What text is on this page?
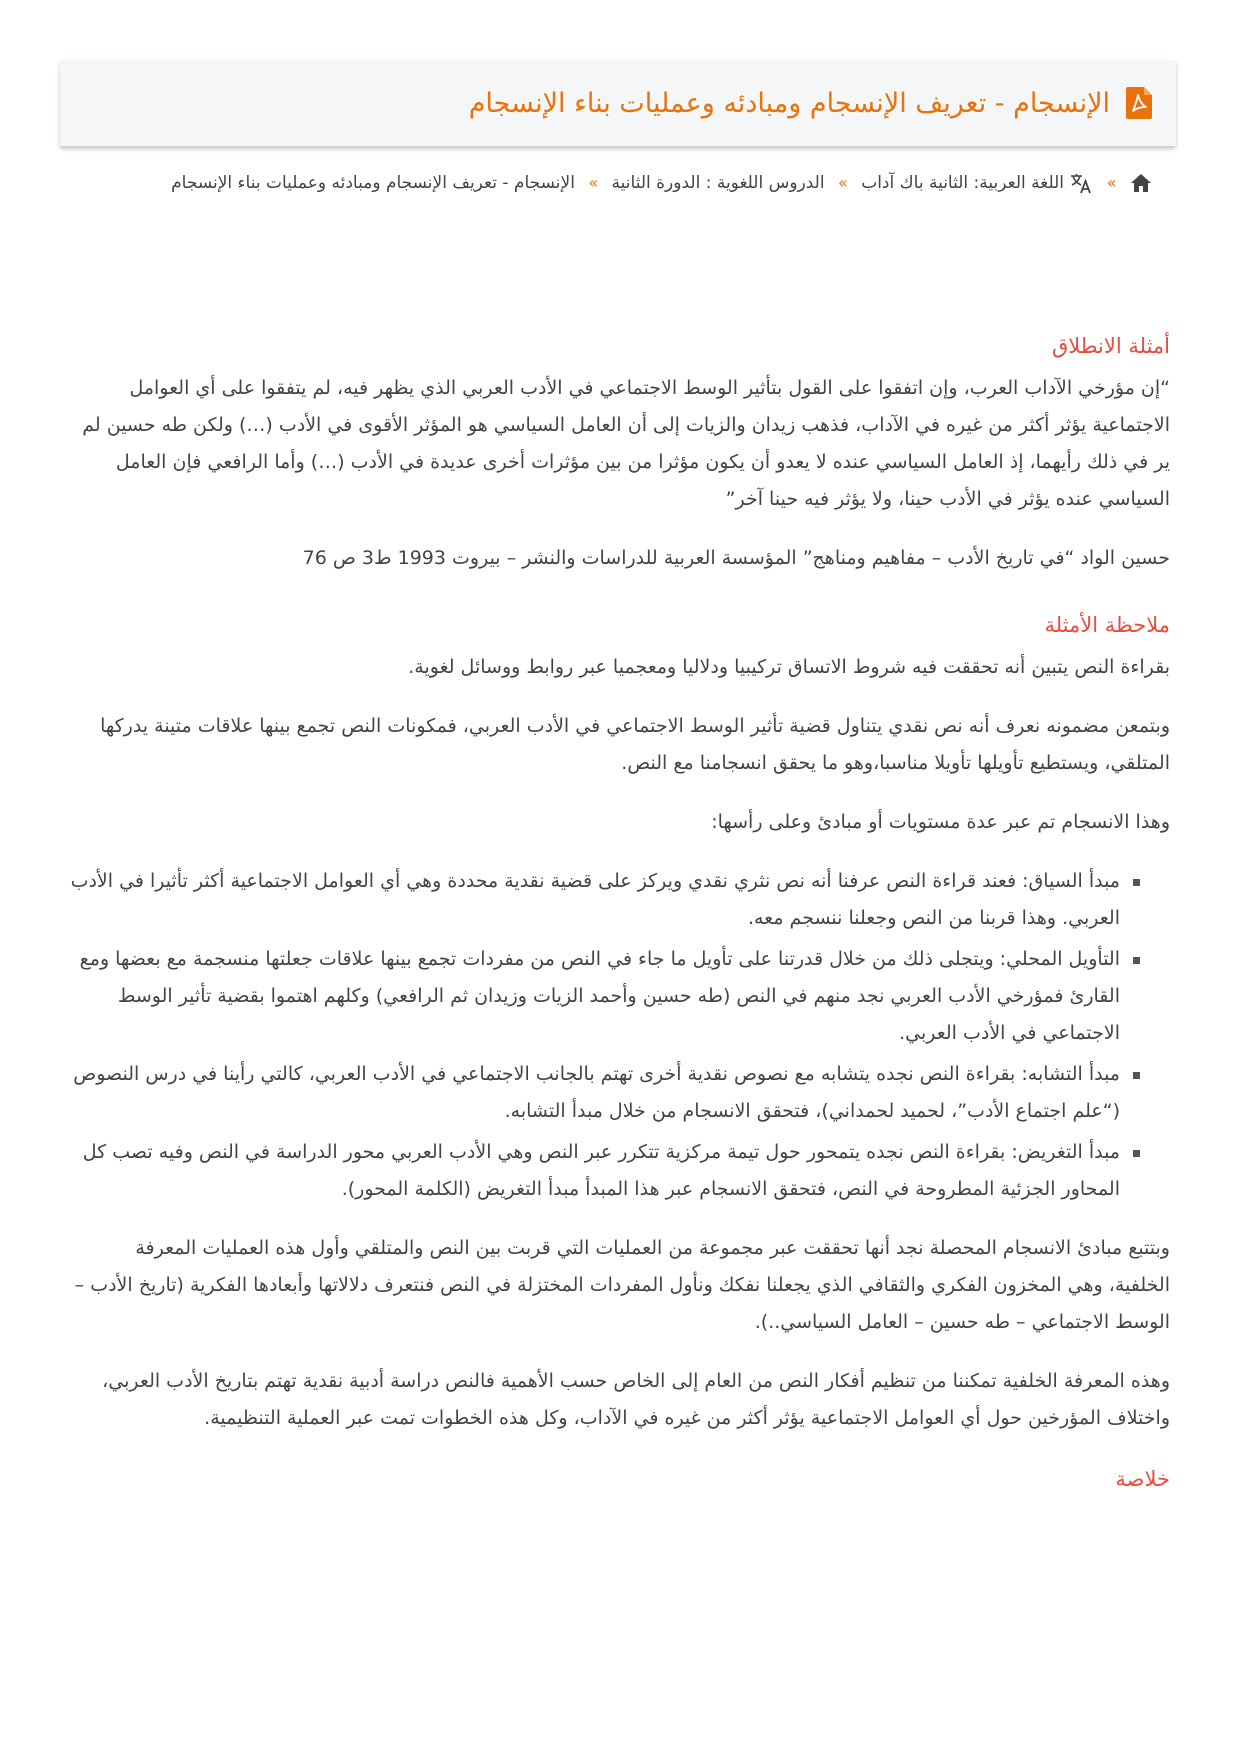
الإنسجام - تعريف الإنسجام ومبادئه وعمليات بناء الإنسجام
»  اللغة العربية: الثانية باك آداب » الدروس اللغوية : الدورة الثانية » الإنسجام - تعريف الإنسجام ومبادئه وعمليات بناء الإنسجام
أمثلة الانطلاق

“إن مؤرخي الآداب العرب، وإن اتفقوا على القول بتأثير الوسط الاجتماعي في الأدب العربي الذي يظهر فيه، لم يتفقوا على أي العوامل الاجتماعية يؤثر أكثر من غيره في الآداب، فذهب زيدان والزيات إلى أن العامل السياسي هو المؤثر الأقوى في الأدب (…) ولكن طه حسين لم ير في ذلك رأيهما، إذ العامل السياسي عنده لا يعدو أن يكون مؤثرا من بين مؤثرات أخرى عديدة في الأدب (…) وأما الرافعي فإن العامل السياسي عنده يؤثر في الأدب حينا، ولا يؤثر فيه حينا آخر”

حسين الواد “في تاريخ الأدب – مفاهيم ومناهج” المؤسسة العربية للدراسات والنشر – بيروت 1993 ط3 ص 76

ملاحظة الأمثلة

بقراءة النص يتبين أنه تحققت فيه شروط الاتساق تركيبيا ودلاليا ومعجميا عبر روابط ووسائل لغوية.

وبتمعن مضمونه نعرف أنه نص نقدي يتناول قضية تأثير الوسط الاجتماعي في الأدب العربي، فمكونات النص تجمع بينها علاقات متينة يدركها المتلقي، ويستطيع تأويلها تأويلا مناسبا،وهو ما يحقق انسجامنا مع النص.

وهذا الانسجام تم عبر عدة مستويات أو مبادئ وعلى رأسها:

مبدأ السياق: فعند قراءة النص عرفنا أنه نص نثري نقدي ويركز على قضية نقدية محددة وهي أي العوامل الاجتماعية أكثر تأثيرا في الأدب العربي. وهذا قربنا من النص وجعلنا ننسجم معه.
التأويل المحلي: ويتجلى ذلك من خلال قدرتنا على تأويل ما جاء في النص من مفردات تجمع بينها علاقات جعلتها منسجمة مع بعضها ومع القارئ فمؤرخي الأدب العربي نجد منهم في النص (طه حسين وأحمد الزيات وزيدان ثم الرافعي) وكلهم اهتموا بقضية تأثير الوسط الاجتماعي في الأدب العربي.
مبدأ التشابه: بقراءة النص نجده يتشابه مع نصوص نقدية أخرى تهتم بالجانب الاجتماعي في الأدب العربي، كالتي رأينا في درس النصوص (“علم اجتماع الأدب”، لحميد لحمداني)، فتحقق الانسجام من خلال مبدأ التشابه.
مبدأ التغريض: بقراءة النص نجده يتمحور حول تيمة مركزية تتكرر عبر النص وهي الأدب العربي محور الدراسة في النص وفيه تصب كل المحاور الجزئية المطروحة في النص، فتحقق الانسجام عبر هذا المبدأ مبدأ التغريض (الكلمة المحور).

وبتتبع مبادئ الانسجام المحصلة نجد أنها تحققت عبر مجموعة من العمليات التي قربت بين النص والمتلقي وأول هذه العمليات المعرفة الخلفية، وهي المخزون الفكري والثقافي الذي يجعلنا نفكك ونأول المفردات المختزلة في النص فنتعرف دلالاتها وأبعادها الفكرية (تاريخ الأدب – الوسط الاجتماعي – طه حسين – العامل السياسي..).

وهذه المعرفة الخلفية تمكننا من تنظيم أفكار النص من العام إلى الخاص حسب الأهمية فالنص دراسة أدبية نقدية تهتم بتاريخ الأدب العربي، واختلاف المؤرخين حول أي العوامل الاجتماعية يؤثر أكثر من غيره في الآداب، وكل هذه الخطوات تمت عبر العملية التنظيمية.

خلاصة
